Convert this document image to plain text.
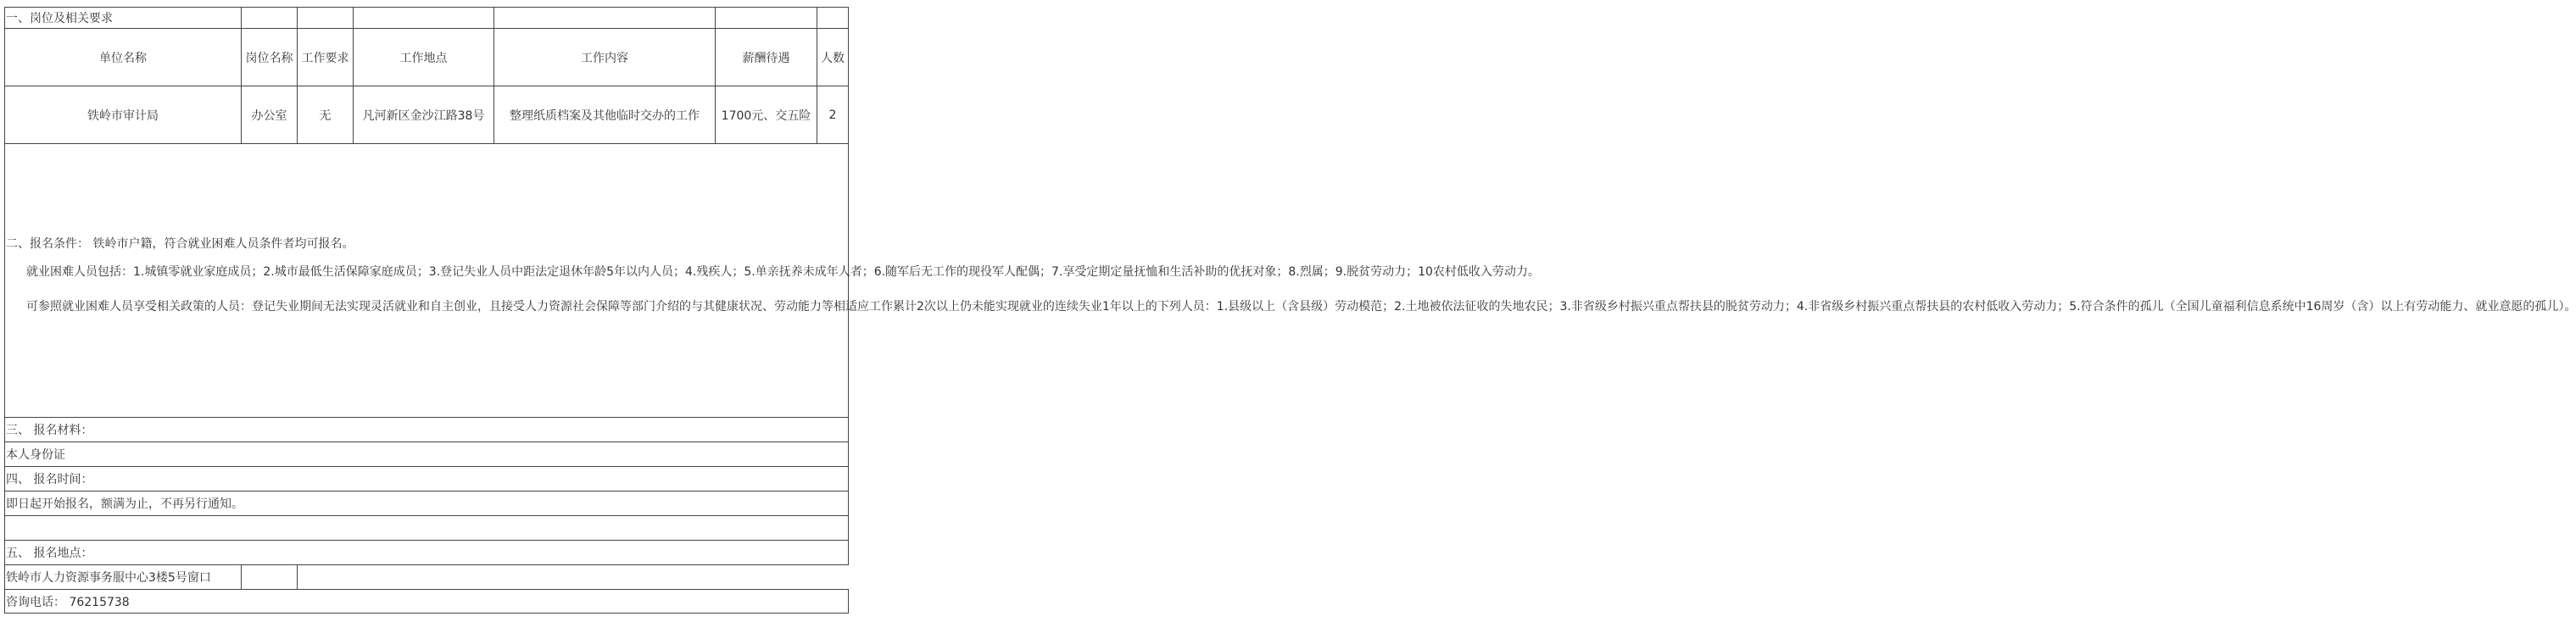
一、岗位及相关要求						
单位名称	岗位名称	工作要求	工作地点	工作内容	薪酬待遇	人数
铁岭市审计局	办公室	无	凡河新区金沙江路38号	整理纸质档案及其他临时交办的工作	1700元、交五险	2

二、报名条件： 铁岭市户籍，符合就业困难人员条件者均可报名。

就业困难人员包括：1.城镇零就业家庭成员；2.城市最低生活保障家庭成员；3.登记失业人员中距法定退休年龄5年以内人员；4.残疾人；5.单亲抚养未成年人者；6.随军后无工作的现役军人配偶；7.享受定期定量抚恤和生活补助的优抚对象；8.烈属；9.脱贫劳动力；10农村低收入劳动力。

可参照就业困难人员享受相关政策的人员：登记失业期间无法实现灵活就业和自主创业，且接受人力资源社会保障等部门介绍的与其健康状况、劳动能力等相适应工作累计2次以上仍未能实现就业的连续失业1年以上的下列人员：1.县级以上（含县级）劳动模范；2.土地被依法征收的失地农民；3.非省级乡村振兴重点帮扶县的脱贫劳动力；4.非省级乡村振兴重点帮扶县的农村低收入劳动力；5.符合条件的孤儿（全国儿童福利信息系统中16周岁（含）以上有劳动能力、就业意愿的孤儿）。						

三、 报名材料：						
本人身份证						
四、 报名时间：						
即日起开始报名，额满为止，不再另行通知。						

五、 报名地点：						
铁岭市人力资源事务服中心3楼5号窗口						
咨询电话： 76215738						
